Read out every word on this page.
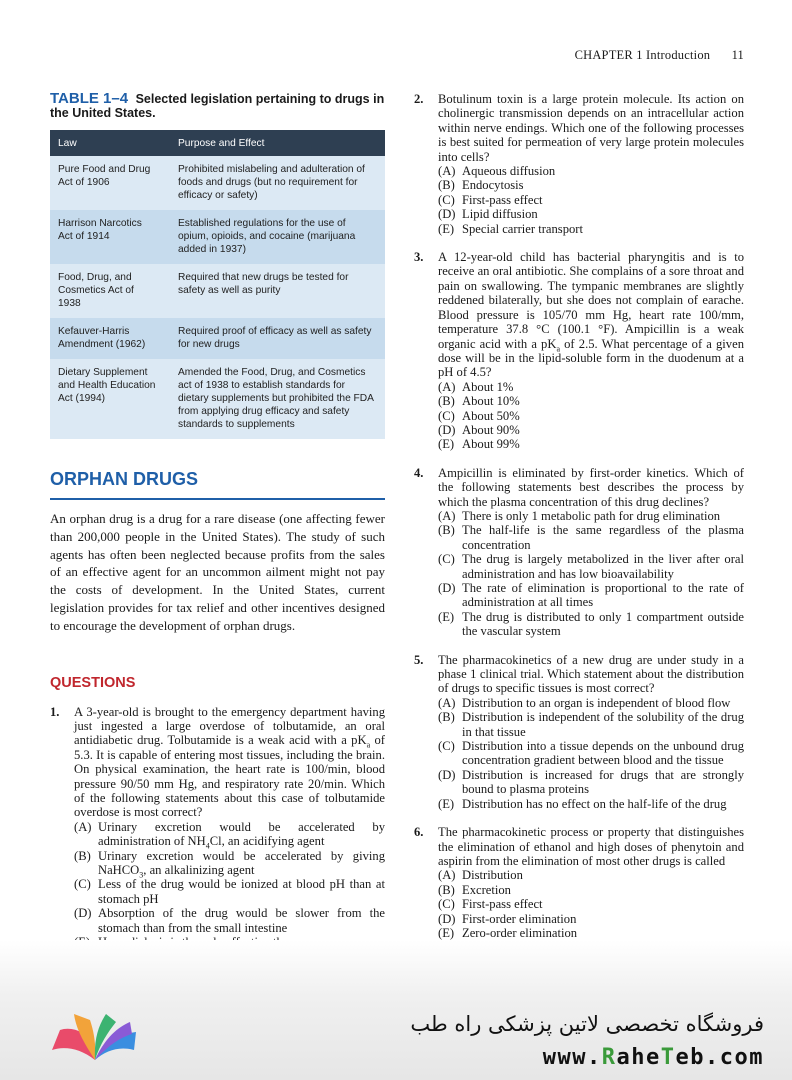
CHAPTER 1 Introduction 11
TABLE 1–4 Selected legislation pertaining to drugs in the United States.
Law	Purpose and Effect
Pure Food and Drug Act of 1906	Prohibited mislabeling and adulteration of foods and drugs (but no requirement for efficacy or safety)
Harrison Narcotics Act of 1914	Established regulations for the use of opium, opioids, and cocaine (marijuana added in 1937)
Food, Drug, and Cosmetics Act of 1938	Required that new drugs be tested for safety as well as purity
Kefauver-Harris Amendment (1962)	Required proof of efficacy as well as safety for new drugs
Dietary Supplement and Health Education Act (1994)	Amended the Food, Drug, and Cosmetics act of 1938 to establish standards for dietary supplements but prohibited the FDA from applying drug efficacy and safety standards to supplements
ORPHAN DRUGS
An orphan drug is a drug for a rare disease (one affecting fewer than 200,000 people in the United States). The study of such agents has often been neglected because profits from the sales of an effective agent for an uncommon ailment might not pay the costs of development. In the United States, current legislation provides for tax relief and other incentives designed to encourage the development of orphan drugs.
QUESTIONS
1. A 3-year-old is brought to the emergency department having just ingested a large overdose of tolbutamide, an oral antidiabetic drug. Tolbutamide is a weak acid with a $pK_a$ of 5.3. It is capable of entering most tissues, including the brain. On physical examination, the heart rate is 100/min, blood pressure 90/50 mm Hg, and respiratory rate 20/min. Which of the following statements about this case of tolbutamide overdose is most correct?
(A) Urinary excretion would be accelerated by administration of $NH_4Cl$, an acidifying agent
(B) Urinary excretion would be accelerated by giving NaHCO$_3$, an alkalinizing agent
(C) Less of the drug would be ionized at blood pH than at stomach pH
(D) Absorption of the drug would be slower from the stomach than from the small intestine
2. Botulinum toxin is a large protein molecule. Its action on cholinergic transmission depends on an intracellular action within nerve endings. Which one of the following processes is best suited for permeation of very large protein molecules into cells?
(A) Aqueous diffusion
(B) Endocytosis
(C) First-pass effect
(D) Lipid diffusion
(E) Special carrier transport
3. A 12-year-old child has bacterial pharyngitis and is to receive an oral antibiotic. She complains of a sore throat and pain on swallowing. The tympanic membranes are slightly reddened bilaterally, but she does not complain of earache. Blood pressure is 105/70 mm Hg, heart rate 100/mm, temperature 37.8 °C (100.1 °F). Ampicillin is a weak organic acid with a $pK_a$ of 2.5. What percentage of a given dose will be in the lipid-soluble form in the duodenum at a pH of 4.5?
(A) About 1%
(B) About 10%
(C) About 50%
(D) About 90%
(E) About 99%
4. Ampicillin is eliminated by first-order kinetics. Which of the following statements best describes the process by which the plasma concentration of this drug declines?
(A) There is only 1 metabolic path for drug elimination
(B) The half-life is the same regardless of the plasma concentration
(C) The drug is largely metabolized in the liver after oral administration and has low bioavailability
(D) The rate of elimination is proportional to the rate of administration at all times
(E) The drug is distributed to only 1 compartment outside the vascular system
5. The pharmacokinetics of a new drug are under study in a phase 1 clinical trial. Which statement about the distribution of drugs to specific tissues is most correct?
(A) Distribution to an organ is independent of blood flow
(B) Distribution is independent of the solubility of the drug in that tissue
(C) Distribution into a tissue depends on the unbound drug concentration gradient between blood and the tissue
(D) Distribution is increased for drugs that are strongly bound to plasma proteins
(E) Distribution has no effect on the half-life of the drug
6. The pharmacokinetic process or property that distinguishes the elimination of ethanol and high doses of phenytoin and aspirin from the elimination of most other drugs is called
(A) Distribution
(B) Excretion
(C) First-pass effect
(D) First-order elimination
(E) Zero-order elimination
فروشگاه تخصصی لاتین پزشکی راه طب
www.RaheTeb.com
